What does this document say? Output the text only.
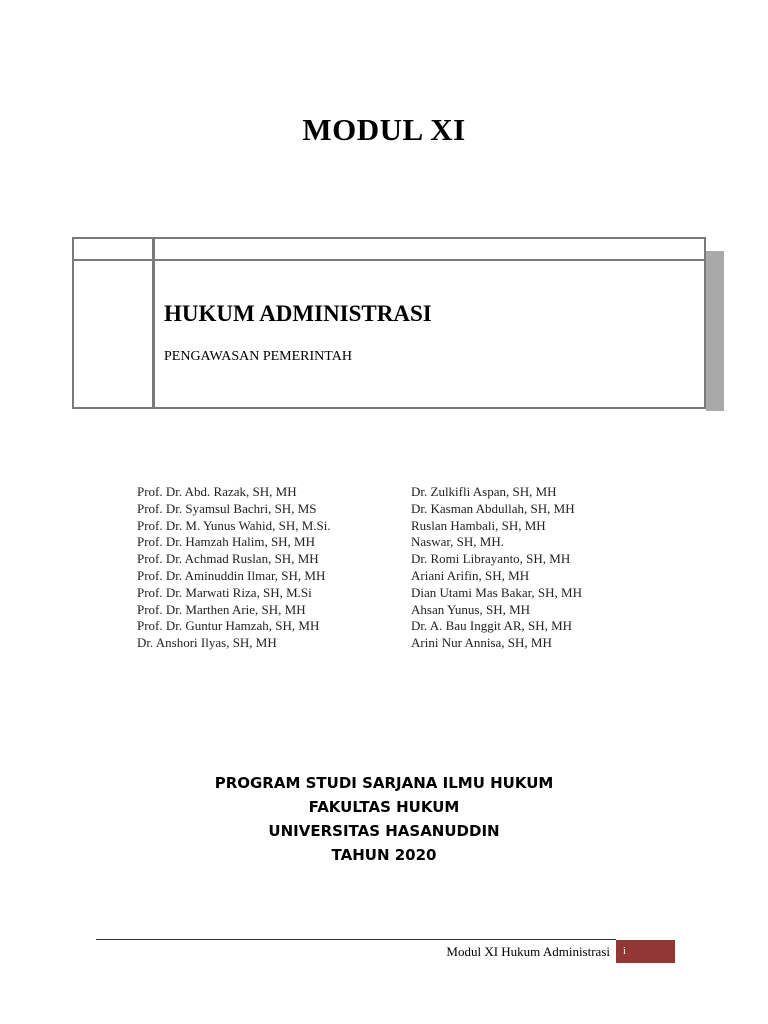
MODUL XI
HUKUM ADMINISTRASI
PENGAWASAN PEMERINTAH
Prof. Dr. Abd. Razak, SH, MH
Prof. Dr. Syamsul Bachri, SH, MS
Prof. Dr. M. Yunus Wahid, SH, M.Si.
Prof. Dr. Hamzah Halim, SH, MH
Prof. Dr. Achmad Ruslan, SH, MH
Prof. Dr. Aminuddin Ilmar, SH, MH
Prof. Dr. Marwati Riza, SH, M.Si
Prof. Dr. Marthen Arie, SH, MH
Prof. Dr. Guntur Hamzah, SH, MH
Dr. Anshori Ilyas, SH, MH
Dr. Zulkifli Aspan, SH, MH
Dr. Kasman Abdullah, SH, MH
Ruslan Hambali, SH, MH
Naswar, SH, MH.
Dr. Romi Librayanto, SH, MH
Ariani Arifin, SH, MH
Dian Utami Mas Bakar, SH, MH
Ahsan Yunus, SH, MH
Dr. A. Bau Inggit AR, SH, MH
Arini Nur Annisa, SH, MH
PROGRAM STUDI SARJANA ILMU HUKUM
FAKULTAS HUKUM
UNIVERSITAS HASANUDDIN
TAHUN 2020
Modul XI Hukum Administrasi	i
